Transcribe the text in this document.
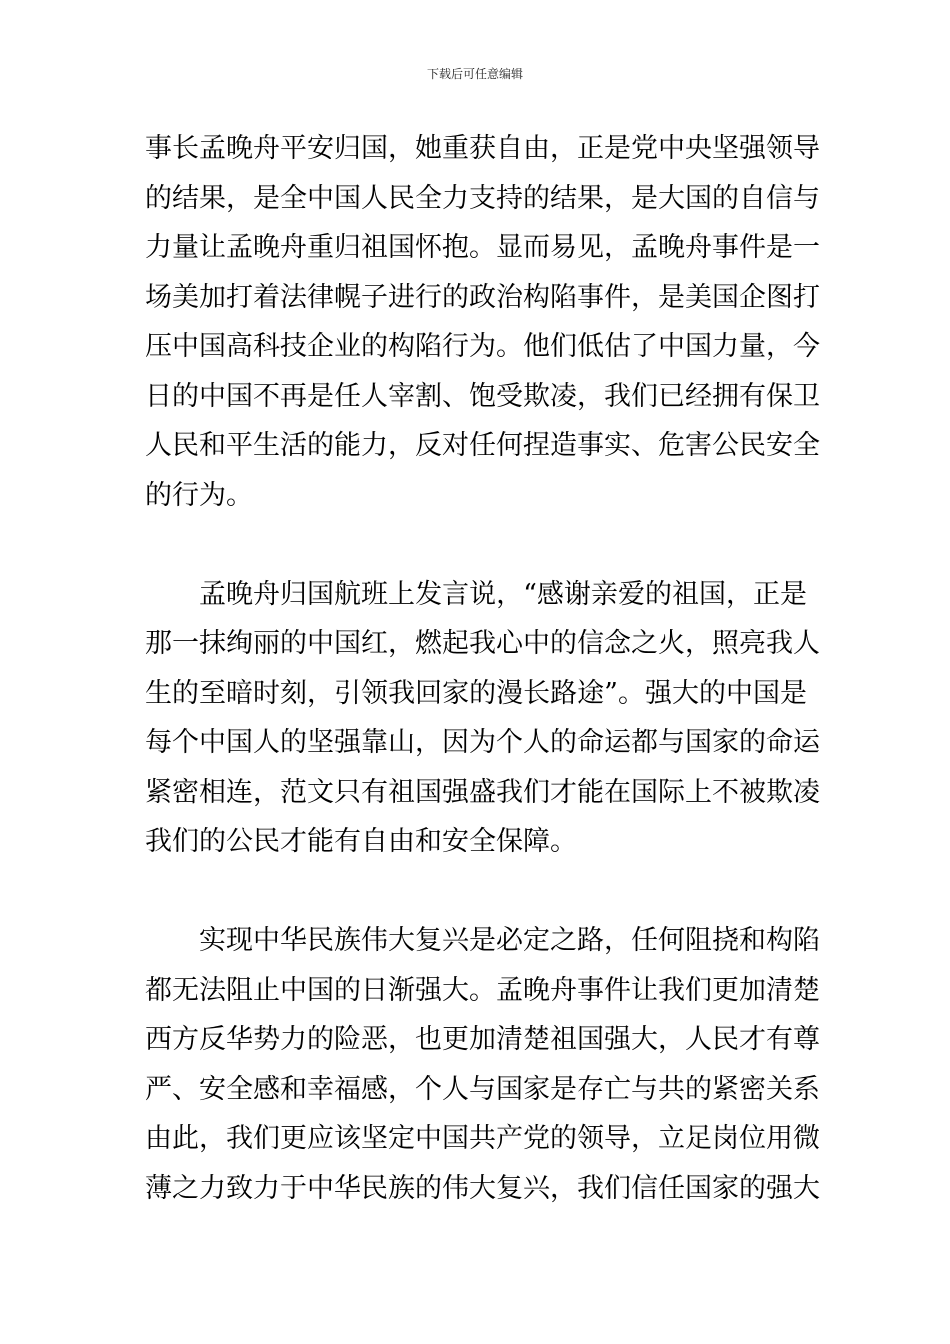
下载后可任意编辑
事长孟晚舟平安归国，她重获自由，正是党中央坚强领导
的结果，是全中国人民全力支持的结果，是大国的自信与
力量让孟晚舟重归祖国怀抱。显而易见，孟晚舟事件是一
场美加打着法律幌子进行的政治构陷事件，是美国企图打
压中国高科技企业的构陷行为。他们低估了中国力量，今
日的中国不再是任人宰割、饱受欺凌，我们已经拥有保卫
人民和平生活的能力，反对任何捏造事实、危害公民安全
的行为。
孟晚舟归国航班上发言说，“感谢亲爱的祖国，正是
那一抹绚丽的中国红，燃起我心中的信念之火，照亮我人
生的至暗时刻，引领我回家的漫长路途”。强大的中国是
每个中国人的坚强靠山，因为个人的命运都与国家的命运
紧密相连，范文只有祖国强盛我们才能在国际上不被欺凌
我们的公民才能有自由和安全保障。
实现中华民族伟大复兴是必定之路，任何阻挠和构陷
都无法阻止中国的日渐强大。孟晚舟事件让我们更加清楚
西方反华势力的险恶，也更加清楚祖国强大，人民才有尊
严、安全感和幸福感，个人与国家是存亡与共的紧密关系
由此，我们更应该坚定中国共产党的领导，立足岗位用微
薄之力致力于中华民族的伟大复兴，我们信任国家的强大
